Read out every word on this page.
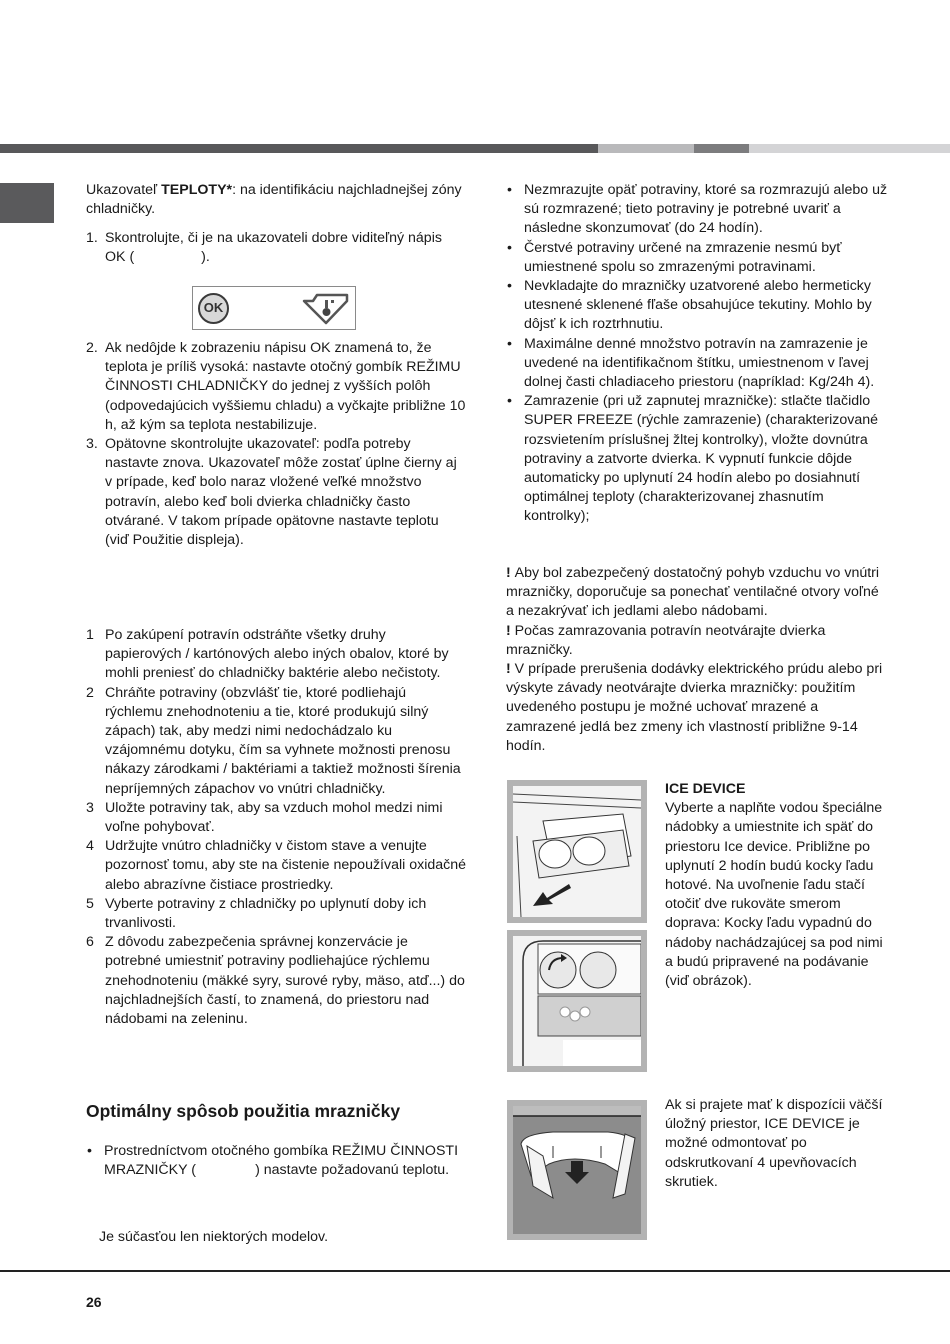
Ukazovateľ TEPLOTY*: na identifikáciu najchladnejšej zóny chladničky.

1. Skontrolujte, či je na ukazovateli dobre viditeľný nápis OK (                 ).
OK
2. Ak nedôjde k zobrazeniu nápisu OK znamená to, že teplota je príliš vysoká: nastavte otočný gombík REŽIMU ČINNOSTI CHLADNIČKY do jednej z vyšších polôh (odpovedajúcich vyššiemu chladu) a vyčkajte približne 10 h, až kým sa teplota nestabilizuje.
3. Opätovne skontrolujte ukazovateľ: podľa potreby nastavte znova. Ukazovateľ môže zostať úplne čierny aj v prípade, keď bolo naraz vložené veľké množstvo potravín, alebo keď boli dvierka chladničky často otvárané. V takom prípade opätovne nastavte teplotu (viď Použitie displeja).
1 Po zakúpení potravín odstráňte všetky druhy papierových / kartónových alebo iných obalov, ktoré by mohli preniesť do chladničky baktérie alebo nečistoty.
2 Chráňte potraviny (obzvlášť tie, ktoré podliehajú rýchlemu znehodnoteniu a tie, ktoré produkujú silný zápach) tak, aby medzi nimi nedochádzalo ku vzájomnému dotyku, čím sa vyhnete možnosti prenosu nákazy zárodkami / baktériami a taktiež možnosti šírenia nepríjemných zápachov vo vnútri chladničky.
3 Uložte potraviny tak, aby sa vzduch mohol medzi nimi voľne pohybovať.
4 Udržujte vnútro chladničky v čistom stave a venujte pozornosť tomu, aby ste na čistenie nepoužívali oxidačné alebo abrazívne čistiace prostriedky.
5 Vyberte potraviny z chladničky po uplynutí doby ich trvanlivosti.
6 Z dôvodu zabezpečenia správnej konzervácie je potrebné umiestniť potraviny podliehajúce rýchlemu znehodnoteniu (mäkké syry, surové ryby, mäso, atď...) do najchladnejších častí, to znamená, do priestoru nad nádobami na zeleninu.
Optimálny spôsob použitia mrazničky
• Prostredníctvom otočného gombíka REŽIMU ČINNOSTI MRAZNIČKY (               ) nastavte požadovanú teplotu.
Je súčasťou len niektorých modelov.
• Nezmrazujte opäť potraviny, ktoré sa rozmrazujú alebo už sú rozmrazené; tieto potraviny je potrebné uvariť a následne skonzumovať (do 24 hodín).
• Čerstvé potraviny určené na zmrazenie nesmú byť umiestnené spolu so zmrazenými potravinami.
• Nevkladajte do mrazničky uzatvorené alebo hermeticky utesnené sklenené fľaše obsahujúce tekutiny. Mohlo by dôjsť k ich roztrhnutiu.
• Maximálne denné množstvo potravín na zamrazenie je uvedené na identifikačnom štítku, umiestnenom v ľavej dolnej časti chladiaceho priestoru (napríklad: Kg/24h 4).
• Zamrazenie (pri už zapnutej mrazničke): stlačte tlačidlo SUPER FREEZE (rýchle zamrazenie) (charakterizované rozsvietením príslušnej žltej kontrolky), vložte dovnútra potraviny a zatvorte dvierka. K vypnutí funkcie dôjde automaticky po uplynutí 24 hodín alebo po dosiahnutí optimálnej teploty (charakterizovanej zhasnutím kontrolky);

! Aby bol zabezpečený dostatočný pohyb vzduchu vo vnútri mrazničky, doporučuje sa ponechať ventilačné otvory voľné a nezakrývať ich jedlami alebo nádobami.

! Počas zamrazovania potravín neotvárajte dvierka mrazničky.

! V prípade prerušenia dodávky elektrického prúdu alebo pri výskyte závady neotvárajte dvierka mrazničky: použitím uvedeného postupu je možné uchovať mrazené a zamrazené jedlá bez zmeny ich vlastností približne 9-14 hodín.

ICE DEVICE

Vyberte a naplňte vodou špeciálne nádobky a umiestnite ich späť do priestoru Ice device. Približne po uplynutí 2 hodín budú kocky ľadu hotové. Na uvoľnenie ľadu stačí otočiť dve rukoväte smerom doprava: Kocky ľadu vypadnú do nádoby nachádzajúcej sa pod nimi a budú pripravené na podávanie (viď obrázok).

Ak si prajete mať k dispozícii väčší úložný priestor, ICE DEVICE je možné odmontovať po odskrutkovaní 4 upevňovacích skrutiek.

26
